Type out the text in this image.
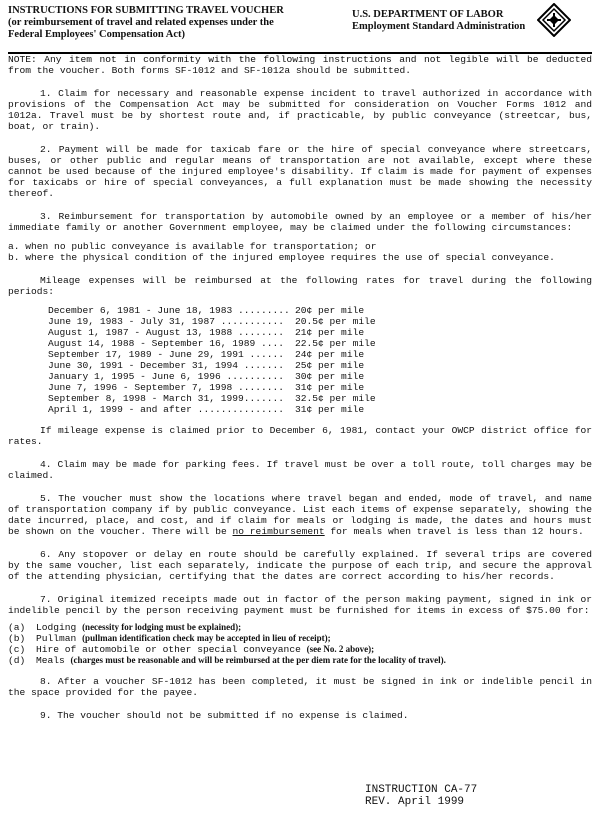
INSTRUCTIONS FOR SUBMITTING TRAVEL VOUCHER
(or reimbursement of travel and related expenses under the
Federal Employees' Compensation Act)
U.S. DEPARTMENT OF LABOR
Employment Standard Administration

NOTE: Any item not in conformity with the following instructions and not legible will be deducted from the voucher. Both forms SF-1012 and SF-1012a should be submitted.

1. Claim for necessary and reasonable expense incident to travel authorized in accordance with provisions of the Compensation Act may be submitted for consideration on Voucher Forms 1012 and 1012a. Travel must be by shortest route and, if practicable, by public conveyance (streetcar, bus, boat, or train).

2. Payment will be made for taxicab fare or the hire of special conveyance where streetcars, buses, or other public and regular means of transportation are not available, except where these cannot be used because of the injured employee's disability. If claim is made for payment of expenses for taxicabs or hire of special conveyances, a full explanation must be made showing the necessity thereof.

3. Reimbursement for transportation by automobile owned by an employee or a member of his/her immediate family or another Government employee, may be claimed under the following circumstances:

a. when no public conveyance is available for transportation; or

b. where the physical condition of the injured employee requires the use of special conveyance.

Mileage expenses will be reimbursed at the following rates for travel during the following periods:

December 6, 1981 - June 18, 1983 ......... 20¢ per mile
June 19, 1983 - July 31, 1987 ...........	20.5¢ per mile
August 1, 1987 - August 13, 1988 ........	21¢ per mile
August 14, 1988 - September 16, 1989 ....	22.5¢ per mile
September 17, 1989 - June 29, 1991 ......	24¢ per mile
June 30, 1991 - December 31, 1994 .......	25¢ per mile
January 1, 1995 - June 6, 1996 ..........	30¢ per mile
June 7, 1996 - September 7, 1998 ........	31¢ per mile
September 8, 1998 - March 31, 1999.......	32.5¢ per mile
April 1, 1999 - and after ...............	31¢ per mile

If mileage expense is claimed prior to December 6, 1981, contact your OWCP district office for rates.

4. Claim may be made for parking fees. If travel must be over a toll route, toll charges may be claimed.

5. The voucher must show the locations where travel began and ended, mode of travel, and name of transportation company if by public conveyance. List each items of expense separately, showing the date incurred, place, and cost, and if claim for meals or lodging is made, the dates and hours must be shown on the voucher. There will be no reimbursement for meals when travel is less than 12 hours.

6. Any stopover or delay en route should be carefully explained. If several trips are covered by the same voucher, list each separately, indicate the purpose of each trip, and secure the approval of the attending physician, certifying that the dates are correct according to his/her records.

7. Original itemized receipts made out in factor of the person making payment, signed in ink or indelible pencil by the person receiving payment must be furnished for items in excess of $75.00 for:

(a)	Lodging (necessity for lodging must be explained);
(b)	Pullman (pullman identification check may be accepted in lieu of receipt);
(c)	Hire of automobile or other special conveyance (see No. 2 above);
(d)	Meals (charges must be reasonable and will be reimbursed at the per diem rate for the locality of travel).

8. After a voucher SF-1012 has been completed, it must be signed in ink or indelible pencil in the space provided for the payee.

9. The voucher should not be submitted if no expense is claimed.

INSTRUCTION CA-77
REV. April 1999
